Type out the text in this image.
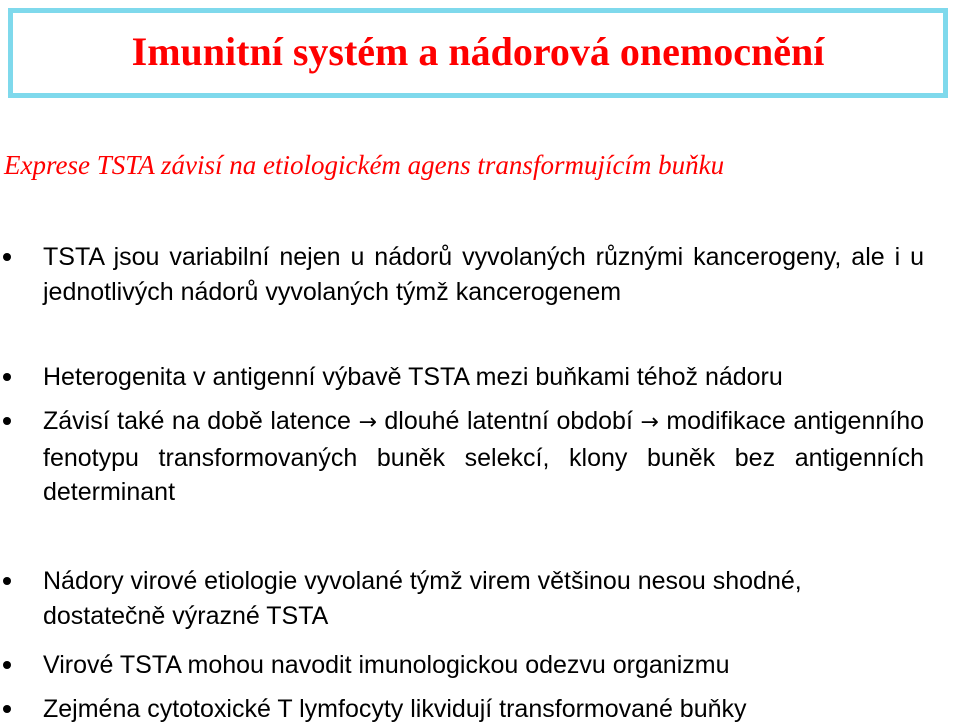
Imunitní systém a nádorová onemocnění

Exprese TSTA závisí na etiologickém agens transformujícím buňku

TSTA jsou variabilní nejen u nádorů vyvolaných různými kancerogeny, ale i u jednotlivých nádorů vyvolaných týmž kancerogenem
Heterogenita v antigenní výbavě TSTA mezi buňkami téhož nádoru
Závisí také na době latence → dlouhé latentní období → modifikace antigenního fenotypu transformovaných buněk selekcí, klony buněk bez antigenních determinant
Nádory virové etiologie vyvolané týmž virem většinou nesou shodné, dostatečně výrazné TSTA
Virové TSTA mohou navodit imunologickou odezvu organizmu
Zejména cytotoxické T lymfocyty likvidují transformované buňky
